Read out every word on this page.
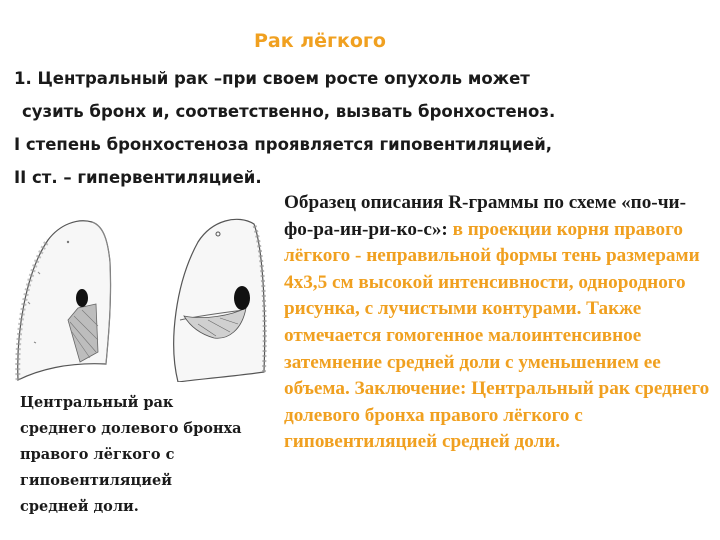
Рак лёгкого
1. Центральный рак –при своем росте опухоль может
сузить бронх и, соответственно, вызвать бронхостеноз.
I степень бронхостеноза проявляется гиповентиляцией,
II ст. – гипервентиляцией.
Центральный рак
среднего долевого бронха
правого лёгкого с
гиповентиляцией
средней доли.
Образец описания R-граммы по схеме «по-чи-фо-ра-ин-ри-ко-с»: в проекции корня правого лёгкого - неправильной формы тень размерами 4х3,5 см высокой интенсивности, однородного рисунка, с лучистыми контурами. Также отмечается гомогенное малоинтенсивное затемнение средней доли с уменьшением ее объема. Заключение: Центральный рак среднего долевого бронха правого лёгкого с гиповентиляцией средней доли.
